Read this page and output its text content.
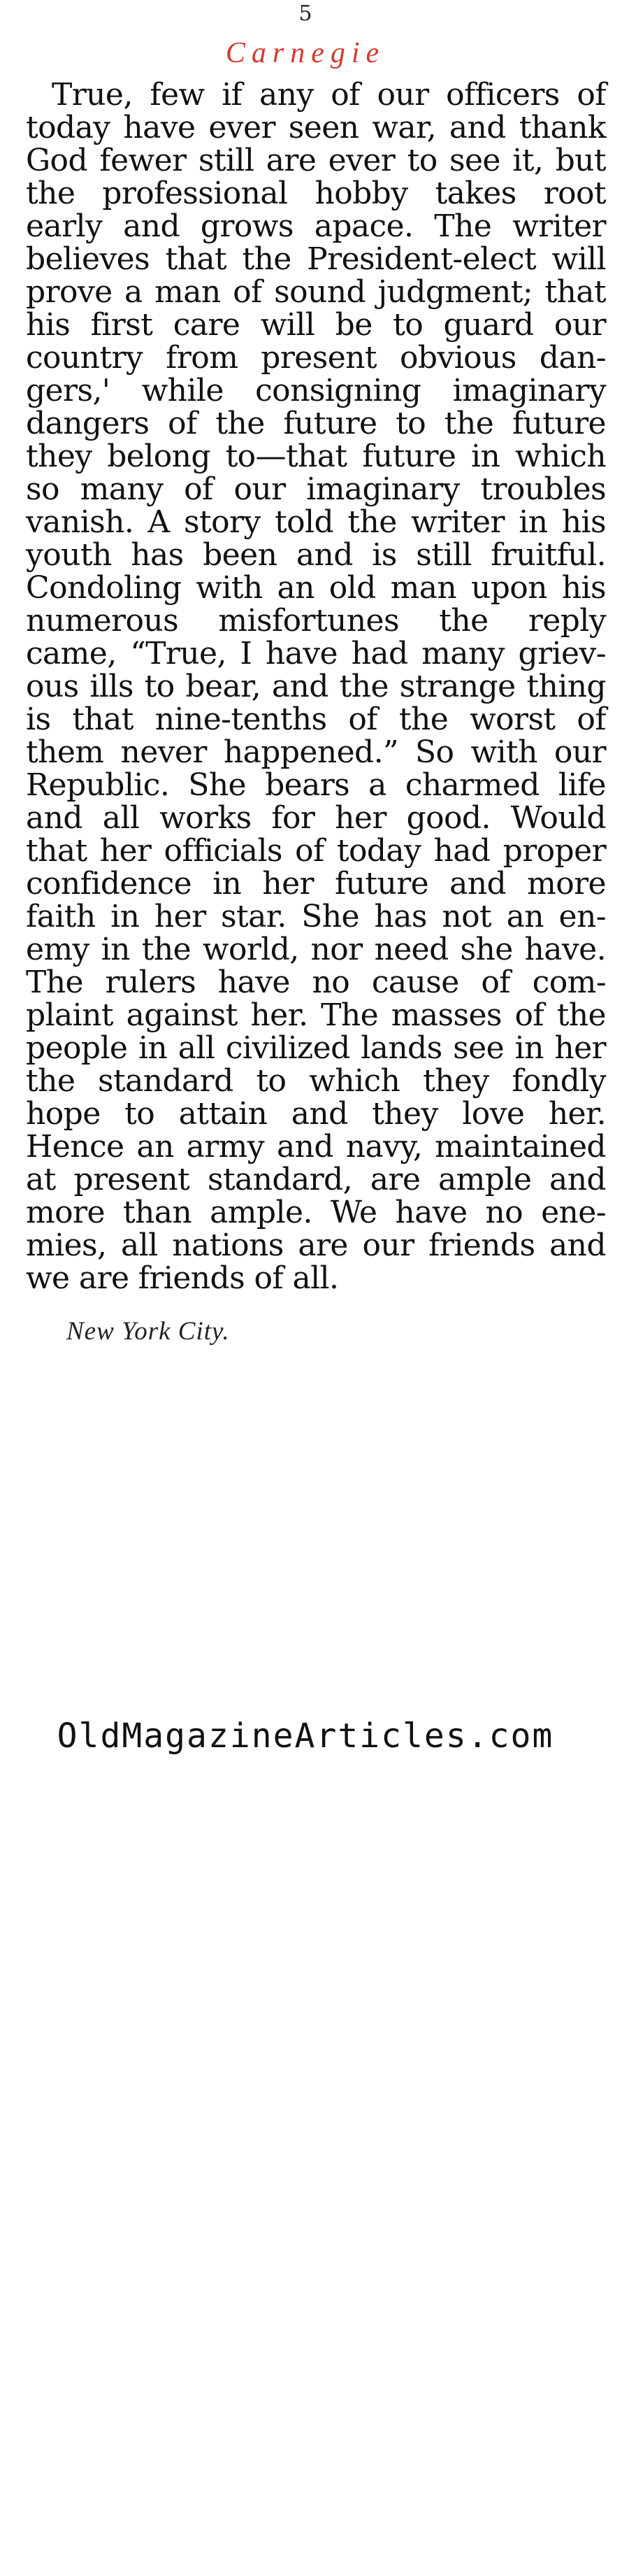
5
Carnegie
True, few if any of our officers of
today have ever seen war, and thank
God fewer still are ever to see it, but
the professional hobby takes root
early and grows apace. The writer
believes that the President-elect will
prove a man of sound judgment; that
his first care will be to guard our
country from present obvious dan-
gers,' while consigning imaginary
dangers of the future to the future
they belong to—that future in which
so many of our imaginary troubles
vanish. A story told the writer in his
youth has been and is still fruitful.
Condoling with an old man upon his
numerous misfortunes the reply
came, “True, I have had many griev-
ous ills to bear, and the strange thing
is that nine-tenths of the worst of
them never happened.” So with our
Republic. She bears a charmed life
and all works for her good. Would
that her officials of today had proper
confidence in her future and more
faith in her star. She has not an en-
emy in the world, nor need she have.
The rulers have no cause of com-
plaint against her. The masses of the
people in all civilized lands see in her
the standard to which they fondly
hope to attain and they love her.
Hence an army and navy, maintained
at present standard, are ample and
more than ample. We have no ene-
mies, all nations are our friends and
we are friends of all.
New York City.
OldMagazineArticles.com
